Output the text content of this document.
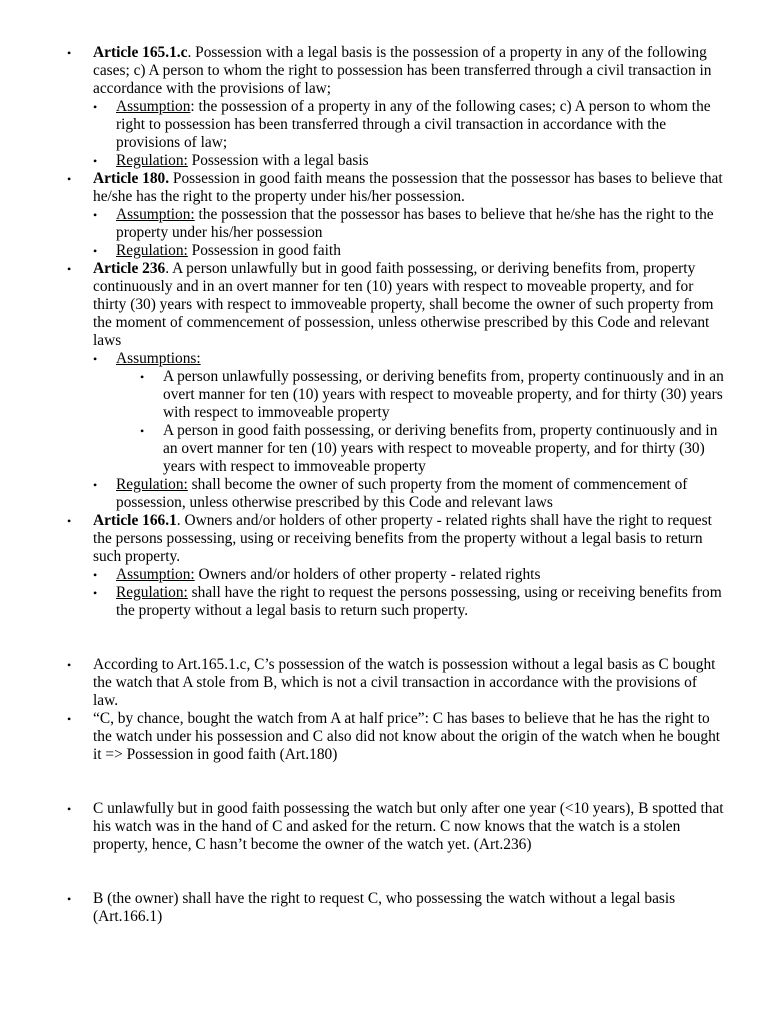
• Article 165.1.c. Possession with a legal basis is the possession of a property in any of the following cases; c) A person to whom the right to possession has been transferred through a civil transaction in accordance with the provisions of law;
• Assumption: the possession of a property in any of the following cases; c) A person to whom the right to possession has been transferred through a civil transaction in accordance with the provisions of law;
• Regulation: Possession with a legal basis
• Article 180. Possession in good faith means the possession that the possessor has bases to believe that he/she has the right to the property under his/her possession.
• Assumption: the possession that the possessor has bases to believe that he/she has the right to the property under his/her possession
• Regulation: Possession in good faith
• Article 236. A person unlawfully but in good faith possessing, or deriving benefits from, property continuously and in an overt manner for ten (10) years with respect to moveable property, and for thirty (30) years with respect to immoveable property, shall become the owner of such property from the moment of commencement of possession, unless otherwise prescribed by this Code and relevant laws
• Assumptions:
• A person unlawfully possessing, or deriving benefits from, property continuously and in an overt manner for ten (10) years with respect to moveable property, and for thirty (30) years with respect to immoveable property
• A person in good faith possessing, or deriving benefits from, property continuously and in an overt manner for ten (10) years with respect to moveable property, and for thirty (30) years with respect to immoveable property
• Regulation: shall become the owner of such property from the moment of commencement of possession, unless otherwise prescribed by this Code and relevant laws
• Article 166.1. Owners and/or holders of other property - related rights shall have the right to request the persons possessing, using or receiving benefits from the property without a legal basis to return such property.
• Assumption: Owners and/or holders of other property - related rights
• Regulation: shall have the right to request the persons possessing, using or receiving benefits from the property without a legal basis to return such property.
• According to Art.165.1.c, C’s possession of the watch is possession without a legal basis as C bought the watch that A stole from B, which is not a civil transaction in accordance with the provisions of law.
• “C, by chance, bought the watch from A at half price”: C has bases to believe that he has the right to the watch under his possession and C also did not know about the origin of the watch when he bought it => Possession in good faith (Art.180)
• C unlawfully but in good faith possessing the watch but only after one year (<10 years), B spotted that his watch was in the hand of C and asked for the return. C now knows that the watch is a stolen property, hence, C hasn’t become the owner of the watch yet. (Art.236)
• B (the owner) shall have the right to request C, who possessing the watch without a legal basis (Art.166.1)
